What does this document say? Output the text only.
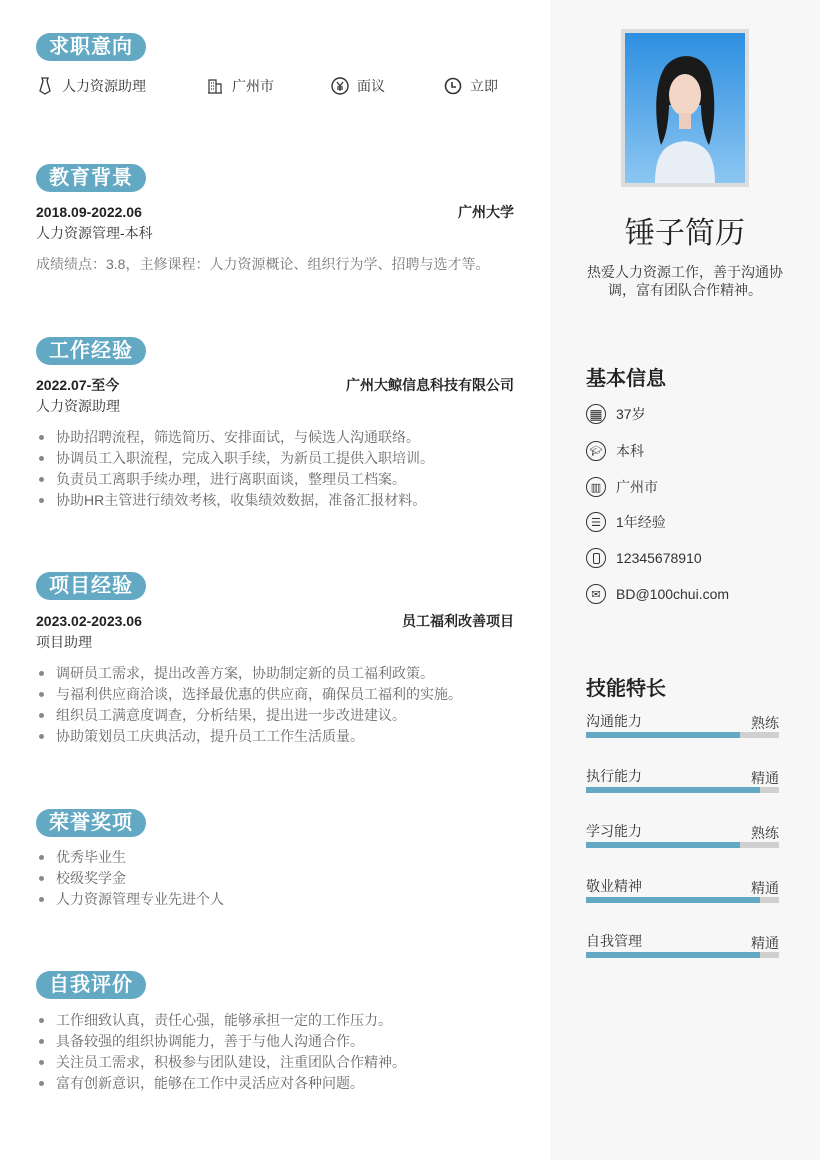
求职意向
人力资源助理	广州市	面议	立即
教育背景
2018.09-2022.06	广州大学
人力资源管理-本科
成绩绩点：3.8，主修课程：人力资源概论、组织行为学、招聘与选才等。
工作经验
2022.07-至今	广州大鲸信息科技有限公司
人力资源助理
协助招聘流程，筛选简历、安排面试，与候选人沟通联络。
协调员工入职流程，完成入职手续，为新员工提供入职培训。
负责员工离职手续办理，进行离职面谈，整理员工档案。
协助HR主管进行绩效考核，收集绩效数据，准备汇报材料。
项目经验
2023.02-2023.06	员工福利改善项目
项目助理
调研员工需求，提出改善方案，协助制定新的员工福利政策。
与福利供应商洽谈，选择最优惠的供应商，确保员工福利的实施。
组织员工满意度调查，分析结果，提出进一步改进建议。
协助策划员工庆典活动，提升员工工作生活质量。
荣誉奖项
优秀毕业生
校级奖学金
人力资源管理专业先进个人
自我评价
工作细致认真，责任心强，能够承担一定的工作压力。
具备较强的组织协调能力，善于与他人沟通合作。
关注员工需求，积极参与团队建设，注重团队合作精神。
富有创新意识，能够在工作中灵活应对各种问题。
锤子简历
热爱人力资源工作，善于沟通协调，富有团队合作精神。
基本信息
▦ 37岁
🎓︎ 本科
▥	广州市
☰	1年经验
12345678910
✉	BD@100chui.com
技能特长
沟通能力	熟练
执行能力	精通
学习能力	熟练
敬业精神	精通
自我管理	精通
